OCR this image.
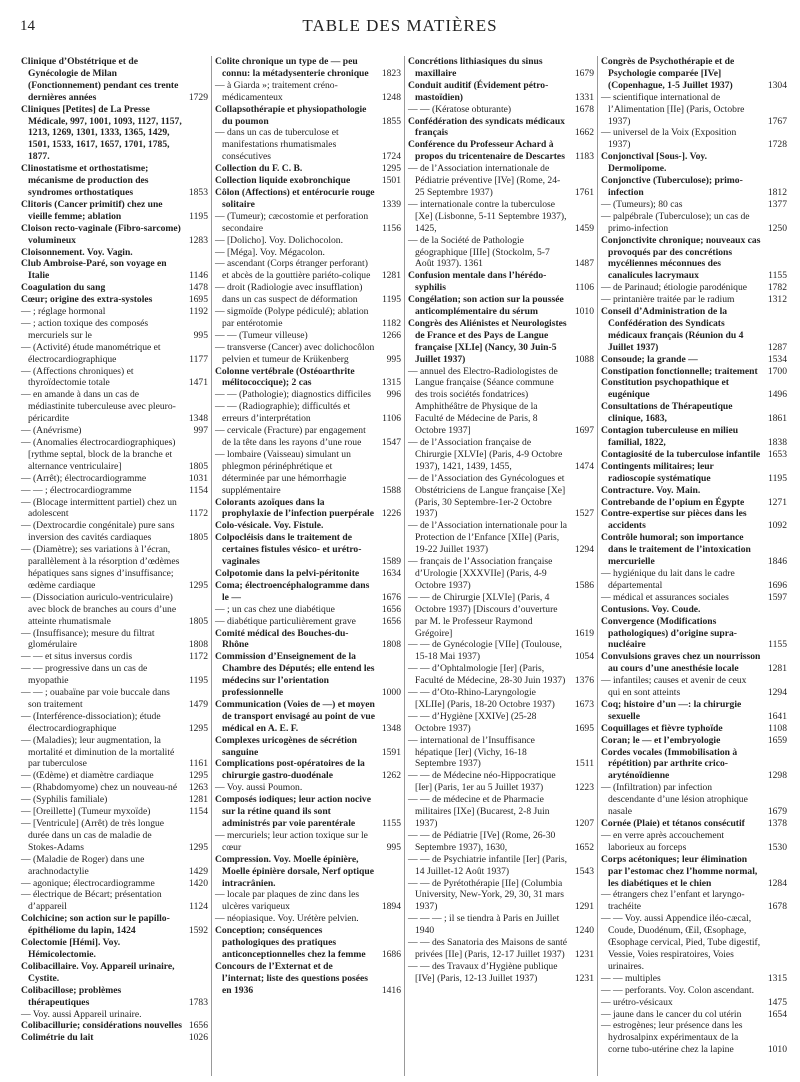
14	TABLE DES MATIÈRES
Clinique d’Obstétrique et de Gynécologie de Milan (Fonctionnement) pendant ces trente dernières années	1729
Cliniques [Petites] de La Presse Médicale, 997, 1001, 1093, 1127, 1157, 1213, 1269, 1301, 1333, 1365, 1429, 1501, 1533, 1617, 1657, 1701, 1785, 1877.
Clinostatisme et orthostatisme; mécanisme de production des syndromes orthostatiques	1853
Clitoris (Cancer primitif) chez une vieille femme; ablation	1195
Cloison recto-vaginale (Fibro-sarcome) volumineux	1283
Cloisonnement. Voy. Vagin.
Club Ambroise-Paré, son voyage en Italie	1146
Coagulation du sang	1478
Cœur; origine des extra-systoles	1695
— ; réglage hormonal	1192
— ; action toxique des composés mercuriels sur le	995
— (Activité) étude manométrique et électrocardiographique	1177
— (Affections chroniques) et thyroïdectomie totale	1471
— en amande à dans un cas de médiastinite tuberculeuse avec pleuro-péricardite	1348
— (Anévrisme)	997
— (Anomalies électrocardiographiques) [rythme septal, block de la branche et alternance ventriculaire]	1805
— (Arrêt); électrocardiogramme	1031
— — ; électrocardiogramme	1154
— (Blocage intermittent partiel) chez un adolescent	1172
— (Dextrocardie congénitale) pure sans inversion des cavités cardiaques	1805
— (Diamètre); ses variations à l’écran, parallèlement à la résorption d’œdèmes hépatiques sans signes d’insuffisance; œdème cardiaque	1295
— (Dissociation auriculo-ventriculaire) avec block de branches au cours d’une atteinte rhumatismale	1805
— (Insuffisance); mesure du filtrat glomérulaire	1808
— — et situs inversus cordis	1172
— — progressive dans un cas de myopathie	1195
— — ; ouabaïne par voie buccale dans son traitement	1479
— (Interférence-dissociation); étude électrocardiographique	1295
— (Maladies); leur augmentation, la mortalité et diminution de la mortalité par tuberculose	1161
— (Œdème) et diamètre cardiaque	1295
— (Rhabdomyome) chez un nouveau-né	1263
— (Syphilis familiale)	1281
— [Oreillette] (Tumeur myxoïde)	1154
— [Ventricule] (Arrêt) de très longue durée dans un cas de maladie de Stokes-Adams	1295
— (Maladie de Roger) dans une arachnodactylie	1429
— agonique; électrocardiogramme	1420
— électrique de Bécart; présentation d’appareil	1124
Colchicine; son action sur le papillo-épithéliome du lapin, 1424	1592
Colectomie [Hémi]. Voy. Hémicolectomie.
Colibacillaire. Voy. Appareil urinaire, Cystite.
Colibacillose; problèmes thérapeutiques	1783
— Voy. aussi Appareil urinaire.
Colibacillurie; considérations nouvelles 1656
Colimétrie du lait	1026
Colite chronique un type de — peu connu: la métadysenterie chronique	1823
— à Giarda »; traitement créno-médicamenteux	1248
Collapsothérapie et physiopathologie du poumon	1855
— dans un cas de tuberculose et manifestations rhumatismales consécutives	1724
Collection du F. C. B.	1295
Collection liquide exobronchique	1501
Côlon (Affections) et entérocurie rouge solitaire	1339
— (Tumeur); cæcostomie et perforation secondaire	1156
— [Dolicho]. Voy. Dolichocolon.
— [Méga]. Voy. Mégacolon.
— ascendant (Corps étranger perforant) et abcès de la gouttière pariéto-colique	1281
— droit (Radiologie avec insufflation) dans un cas suspect de déformation	1195
— sigmoïde (Polype pédiculé); ablation par entérotomie	1182
— — (Tumeur villeuse)	1266
— transverse (Cancer) avec dolichocôlon pelvien et tumeur de Krükenberg	995
Colonne vertébrale (Ostéoarthrite mélitococcique); 2 cas	1315
— — (Pathologie); diagnostics difficiles	996
— — (Radiographie); difficultés et erreurs d’interprétation	1106
— cervicale (Fracture) par engagement de la tête dans les rayons d’une roue	1547
— lombaire (Vaisseau) simulant un phlegmon périnéphrétique et déterminée par une hémorrhagie supplémentaire	1588
Colorants azoïques dans la prophylaxie de l’infection puerpérale 1226
Colo-vésicale. Voy. Fistule.
Colpocléisis dans le traitement de certaines fistules vésico- et urétro-vaginales	1589
Colpotomie dans la pelvi-péritonite	1634
Coma; électroencéphalogramme dans le —	1676
— ; un cas chez une diabétique	1656
— diabétique particulièrement grave	1656
Comité médical des Bouches-du-Rhône	1808
Commission d’Enseignement de la Chambre des Députés; elle entend les médecins sur l’orientation professionnelle	1000
Communication (Voies de —) et moyen de transport envisagé au point de vue médical en A. E. F.	1348
Complexes uricogènes de sécrétion sanguine	1591
Complications post-opératoires de la chirurgie gastro-duodénale	1262
— Voy. aussi Poumon.
Composés iodiques; leur action nocive sur la rétine quand ils sont administrés par voie parentérale	1155
— mercuriels; leur action toxique sur le cœur	995
Compression. Voy. Moelle épinière, Moelle épinière dorsale, Nerf optique intracrânien.
— locale par plaques de zinc dans les ulcères variqueux	1894
— néopiasique. Voy. Urétère pelvien.
Conception; conséquences pathologiques des pratiques anticonceptionnelles chez la femme	1686
Concours de l’Externat et de l’internat; liste des questions posées en 1936	1416
Concrétions lithiasiques du sinus maxillaire	1679
Conduit auditif (Évidement pétro-mastoïdien)	1331
— — (Kératose obturante)	1678
Confédération des syndicats médicaux français	1662
Conférence du Professeur Achard à propos du tricentenaire de Descartes	1183
— de l’Association internationale de Pédiatrie préventive [IVe] (Rome, 24-25 Septembre 1937)	1761
— internationale contre la tuberculose [Xe] (Lisbonne, 5-11 Septembre 1937), 1425,	1459
— de la Société de Pathologie géographique [IIIe] (Stockolm, 5-7 Août 1937). 1361	1487
Confusion mentale dans l’hérédo-syphilis	1106
Congélation; son action sur la poussée anticomplémentaire du sérum	1010
Congrès des Aliénistes et Neurologistes de France et des Pays de Langue française [XLIe] (Nancy, 30 Juin-5 Juillet 1937)	1088
— annuel des Electro-Radiologistes de Langue française (Séance commune des trois sociétés fondatrices) Amphithéâtre de Physique de la Faculté de Médecine de Paris, 8 Octobre 1937]	1697
— de l’Association française de Chirurgie [XLVIe] (Paris, 4-9 Octobre 1937), 1421, 1439, 1455,	1474
— de l’Association des Gynécologues et Obstétriciens de Langue française [Xe] (Paris, 30 Septembre-1er-2 Octobre 1937)	1527
— de l’Association internationale pour la Protection de l’Enfance [XIIe] (Paris, 19-22 Juillet 1937)	1294
— français de l’Association française d’Urologie [XXXVIIe] (Paris, 4-9 Octobre 1937)	1586
— — de Chirurgie [XLVIe] (Paris, 4 Octobre 1937) [Discours d’ouverture par M. le Professeur Raymond Grégoire]	1619
— — de Gynécologie [VIIe] (Toulouse, 15-18 Mai 1937)	1054
— — d’Ophtalmologie [Ier] (Paris, Faculté de Médecine, 28-30 Juin 1937) 1376
— — d’Oto-Rhino-Laryngologie [XLIIe] (Paris, 18-20 Octobre 1937)	1673
— — d’Hygiène [XXIVe] (25-28 Octobre 1937)	1695
— international de l’Insuffisance hépatique [Ier] (Vichy, 16-18 Septembre 1937)	1511
— — de Médecine néo-Hippocratique [Ier] (Paris, 1er au 5 Juillet 1937)	1223
— — de médecine et de Pharmacie militaires [IXe] (Bucarest, 2-8 Juin 1937)	1207
— — de Pédiatrie [IVe] (Rome, 26-30 Septembre 1937), 1630,	1652
— — de Psychiatrie infantile [Ier] (Paris, 14 Juillet-12 Août 1937)	1543
— — de Pyrétothérapie [IIe] (Columbia University, New-York, 29, 30, 31 mars 1937)	1291
— — — ; il se tiendra à Paris en Juillet 1940	1240
— — des Sanatoria des Maisons de santé privées [IIe] (Paris, 12-17 Juillet 1937)	1231
— — des Travaux d’Hygiène publique [IVe] (Paris, 12-13 Juillet 1937)	1231
Congrès de Psychothérapie et de Psychologie comparée [IVe] (Copenhague, 1-5 Juillet 1937)	1304
— scientifique international de l’Alimentation [IIe] (Paris, Octobre 1937)	1767
— universel de la Voix (Exposition 1937)	1728
Conjonctival [Sous-]. Voy. Dermolipome.
Conjonctive (Tuberculose); primo-infection	1812
— (Tumeurs); 80 cas	1377
— palpébrale (Tuberculose); un cas de primo-infection	1250
Conjonctivite chronique; nouveaux cas provoqués par des concrétions mycéliennes méconnues des canalicules lacrymaux	1155
— de Parinaud; étiologie parodénique	1782
— printanière traitée par le radium	1312
Conseil d’Administration de la Confédération des Syndicats médicaux français (Réunion du 4 Juillet 1937)	1287
Consoude; la grande —	1534
Constipation fonctionnelle; traitement	1700
Constitution psychopathique et eugénique	1496
Consultations de Thérapeutique clinique, 1683,	1861
Contagion tuberculeuse en milieu familial, 1822,	1838
Contagiosité de la tuberculose infantile 1653
Contingents militaires; leur radioscopie systématique	1195
Contracture. Voy. Main.
Contrebande de l’opium en Égypte	1271
Contre-expertise sur pièces dans les accidents	1092
Contrôle humoral; son importance dans le traitement de l’intoxication mercurielle	1846
— hygiénique du lait dans le cadre départemental	1696
— médical et assurances sociales	1597
Contusions. Voy. Coude.
Convergence (Modifications pathologiques) d’origine supra-nucléaire	1155
Convulsions graves chez un nourrisson au cours d’une anesthésie locale	1281
— infantiles; causes et avenir de ceux qui en sont atteints	1294
Coq; histoire d’un —: la chirurgie sexuelle	1641
Coquillages et fièvre typhoïde	1108
Coran; le — et l’embryologie	1659
Cordes vocales (Immobilisation à répétition) par arthrite crico-aryténoïdienne	1298
— (Infiltration) par infection descendante d’une lésion atrophique nasale	1679
Cornée (Plaie) et tétanos consécutif	1378
— en verre après accouchement laborieux au forceps	1530
Corps acétoniques; leur élimination par l’estomac chez l’homme normal, les diabétiques et le chien	1284
— étrangers chez l’enfant et laryngo-trachéite	1678
— — Voy. aussi Appendice iléo-cæcal, Coude, Duodénum, Œil, Œsophage, Œsophage cervical, Pied, Tube digestif, Vessie, Voies respiratoires, Voies urinaires.
— — multiples	1315
— — perforants. Voy. Colon ascendant.
— urétro-vésicaux	1475
— jaune dans le cancer du col utérin	1654
— estrogènes; leur présence dans les hydrosalpinx expérimentaux de la corne tubo-utérine chez la lapine	1010
